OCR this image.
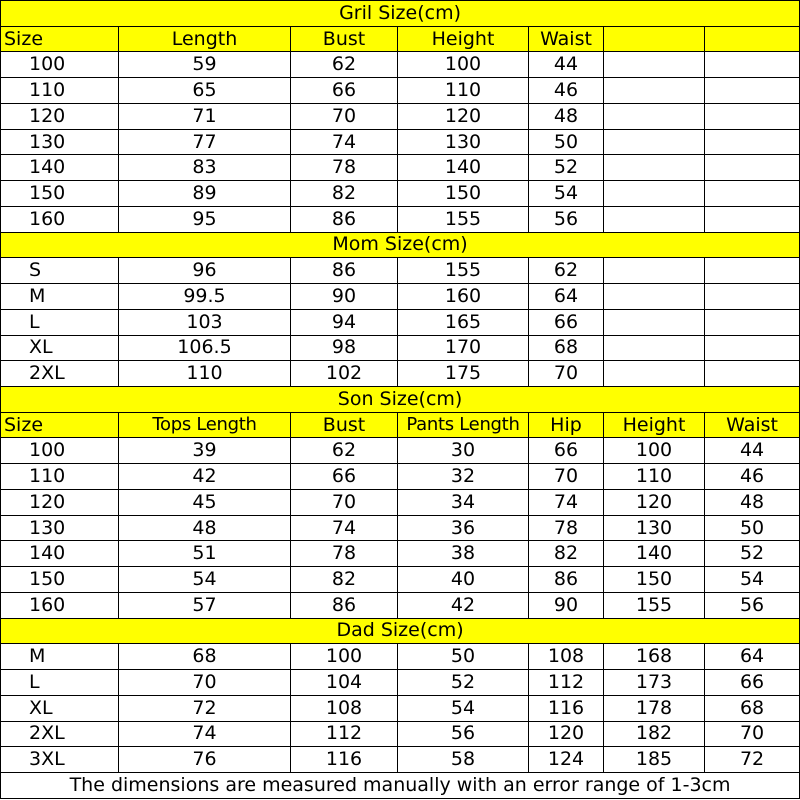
Gril Size(cm)						
Size	Length	Bust	Height	Waist		
100	59	62	100	44		
110	65	66	110	46		
120	71	70	120	48		
130	77	74	130	50		
140	83	78	140	52		
150	89	82	150	54		
160	95	86	155	56		
Mom Size(cm)						
S	96	86	155	62		
M	99.5	90	160	64		
L	103	94	165	66		
XL	106.5	98	170	68		
2XL	110	102	175	70		
Son Size(cm)						
Size	Tops Length	Bust	Pants Length	Hip	Height	Waist
100	39	62	30	66	100	44
110	42	66	32	70	110	46
120	45	70	34	74	120	48
130	48	74	36	78	130	50
140	51	78	38	82	140	52
150	54	82	40	86	150	54
160	57	86	42	90	155	56
Dad Size(cm)						
M	68	100	50	108	168	64
L	70	104	52	112	173	66
XL	72	108	54	116	178	68
2XL	74	112	56	120	182	70
3XL	76	116	58	124	185	72
The dimensions are measured manually with an error range of 1-3cm						
